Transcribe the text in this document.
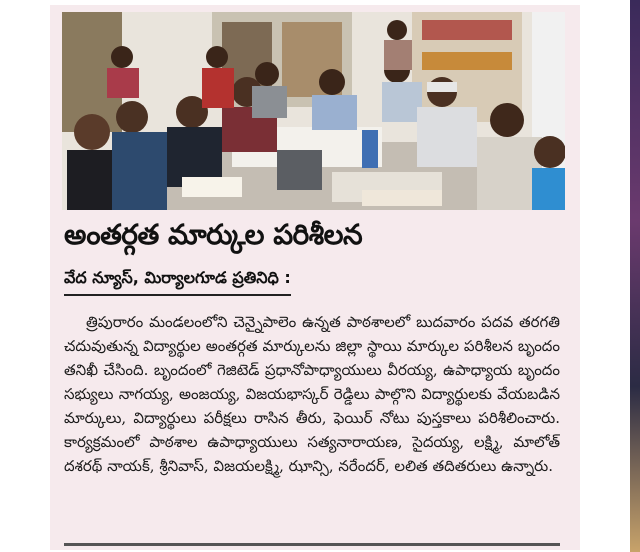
అంతర్గత మార్కుల పరిశీలన
వేద న్యూస్, మిర్యాలగూడ ప్రతినిధి :
త్రిపురారం మండలంలోని చెన్నైపాలెం ఉన్నత పాఠశాలలో బుదవారం పదవ తరగతి చదువుతున్న విద్యార్థుల అంతర్గత మార్కులను జిల్లా స్థాయి మార్కుల పరిశీలన బృందం తనిఖీ చేసింది. బృందంలో గెజిటెడ్ ప్రధానోపాధ్యాయులు వీరయ్య, ఉపాధ్యాయ బృందం సభ్యులు నాగయ్య, అంజయ్య, విజయభాస్కర్ రెడ్డిలు పాల్గొని విద్యార్థులకు వేయబడిన మార్కులు, విద్యార్థులు పరీక్షలు రాసిన తీరు, ఫెయిర్ నోటు పుస్తకాలు పరిశీలించారు. కార్యక్రమంలో పాఠశాల ఉపాధ్యాయులు సత్యనారాయణ, సైదయ్య, లక్ష్మి, మాలోత్ దశరథ్ నాయక్, శ్రీనివాస్, విజయలక్ష్మి, ఝాన్సి, నరేందర్, లలిత తదితరులు ఉన్నారు.
